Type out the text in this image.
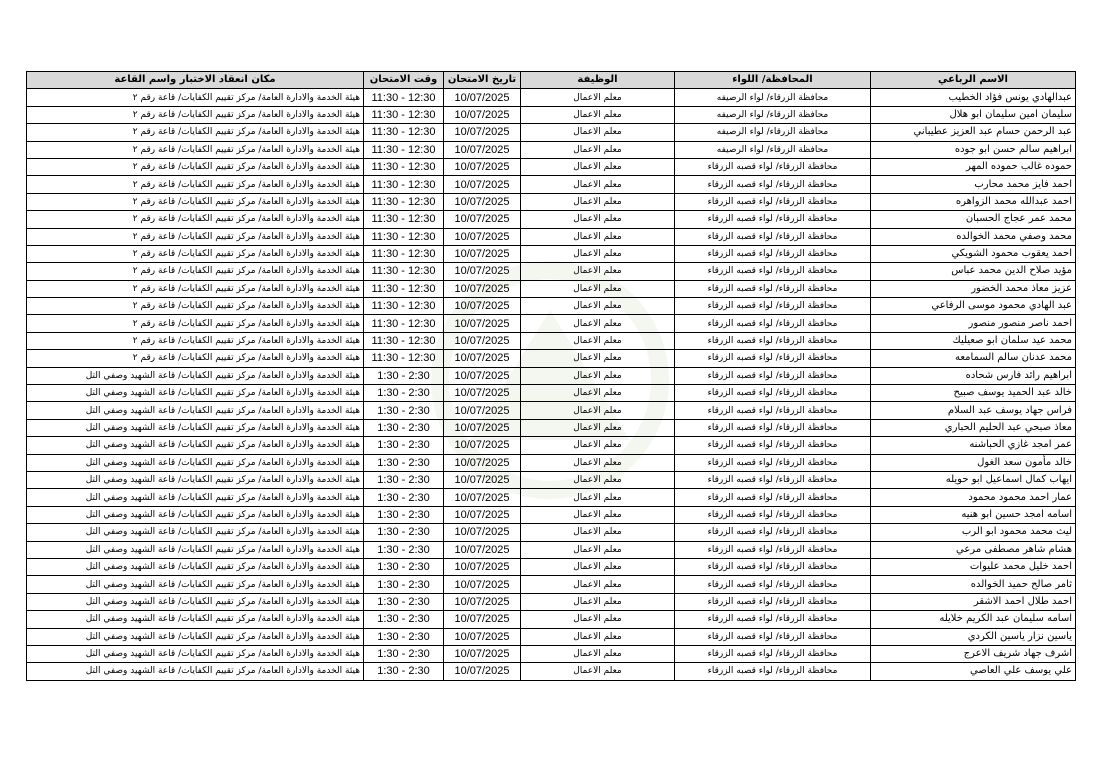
الاسم الرباعي	المحافظة/ اللواء	الوظيفة	تاريخ الامتحان	وقت الامتحان	مكان انعقاد الاختبار واسم القاعة
عبدالهادي يونس فؤاد الخطيب	محافظة الزرقاء/ لواء الرصيفه	معلم الاعمال	10/07/2025	11:30 - 12:30	هيئة الخدمة والادارة العامة/ مركز تقييم الكفايات/ قاعة رقم ٢
سليمان امين سليمان ابو هلال	محافظة الزرقاء/ لواء الرصيفه	معلم الاعمال	10/07/2025	11:30 - 12:30	هيئة الخدمة والادارة العامة/ مركز تقييم الكفايات/ قاعة رقم ٢
عبد الرحمن حسام عبد العزيز عطيباني	محافظة الزرقاء/ لواء الرصيفه	معلم الاعمال	10/07/2025	11:30 - 12:30	هيئة الخدمة والادارة العامة/ مركز تقييم الكفايات/ قاعة رقم ٢
ابراهيم سالم حسن ابو جوده	محافظة الزرقاء/ لواء الرصيفه	معلم الاعمال	10/07/2025	11:30 - 12:30	هيئة الخدمة والادارة العامة/ مركز تقييم الكفايات/ قاعة رقم ٢
حموده غالب حموده المهر	محافظة الزرقاء/ لواء قصبه الزرقاء	معلم الاعمال	10/07/2025	11:30 - 12:30	هيئة الخدمة والادارة العامة/ مركز تقييم الكفايات/ قاعة رقم ٢
احمد فايز محمد محارب	محافظة الزرقاء/ لواء قصبه الزرقاء	معلم الاعمال	10/07/2025	11:30 - 12:30	هيئة الخدمة والادارة العامة/ مركز تقييم الكفايات/ قاعة رقم ٢
احمد عبدالله محمد الزواهره	محافظة الزرقاء/ لواء قصبه الزرقاء	معلم الاعمال	10/07/2025	11:30 - 12:30	هيئة الخدمة والادارة العامة/ مركز تقييم الكفايات/ قاعة رقم ٢
محمد عمر عجاج الحسبان	محافظة الزرقاء/ لواء قصبه الزرقاء	معلم الاعمال	10/07/2025	11:30 - 12:30	هيئة الخدمة والادارة العامة/ مركز تقييم الكفايات/ قاعة رقم ٢
محمد وصفي محمد الخوالده	محافظة الزرقاء/ لواء قصبه الزرقاء	معلم الاعمال	10/07/2025	11:30 - 12:30	هيئة الخدمة والادارة العامة/ مركز تقييم الكفايات/ قاعة رقم ٢
احمد يعقوب محمود الشويكي	محافظة الزرقاء/ لواء قصبه الزرقاء	معلم الاعمال	10/07/2025	11:30 - 12:30	هيئة الخدمة والادارة العامة/ مركز تقييم الكفايات/ قاعة رقم ٢
مؤيد صلاح الدين محمد عباس	محافظة الزرقاء/ لواء قصبه الزرقاء	معلم الاعمال	10/07/2025	11:30 - 12:30	هيئة الخدمة والادارة العامة/ مركز تقييم الكفايات/ قاعة رقم ٢
عزيز معاذ محمد الخضور	محافظة الزرقاء/ لواء قصبه الزرقاء	معلم الاعمال	10/07/2025	11:30 - 12:30	هيئة الخدمة والادارة العامة/ مركز تقييم الكفايات/ قاعة رقم ٢
عبد الهادي محمود موسى الرفاعي	محافظة الزرقاء/ لواء قصبه الزرقاء	معلم الاعمال	10/07/2025	11:30 - 12:30	هيئة الخدمة والادارة العامة/ مركز تقييم الكفايات/ قاعة رقم ٢
احمد ناصر منصور منصور	محافظة الزرقاء/ لواء قصبه الزرقاء	معلم الاعمال	10/07/2025	11:30 - 12:30	هيئة الخدمة والادارة العامة/ مركز تقييم الكفايات/ قاعة رقم ٢
محمد عيد سلمان ابو صعيليك	محافظة الزرقاء/ لواء قصبه الزرقاء	معلم الاعمال	10/07/2025	11:30 - 12:30	هيئة الخدمة والادارة العامة/ مركز تقييم الكفايات/ قاعة رقم ٢
محمد عدنان سالم السمامعه	محافظة الزرقاء/ لواء قصبه الزرقاء	معلم الاعمال	10/07/2025	11:30 - 12:30	هيئة الخدمة والادارة العامة/ مركز تقييم الكفايات/ قاعة رقم ٢
ابراهيم رائد فارس شحاده	محافظة الزرقاء/ لواء قصبه الزرقاء	معلم الاعمال	10/07/2025	1:30 - 2:30	هيئة الخدمة والادارة العامة/ مركز تقييم الكفايات/ قاعة الشهيد وصفي التل
خالد عبد الحميد يوسف صبيح	محافظة الزرقاء/ لواء قصبه الزرقاء	معلم الاعمال	10/07/2025	1:30 - 2:30	هيئة الخدمة والادارة العامة/ مركز تقييم الكفايات/ قاعة الشهيد وصفي التل
فراس جهاد يوسف عبد السلام	محافظة الزرقاء/ لواء قصبه الزرقاء	معلم الاعمال	10/07/2025	1:30 - 2:30	هيئة الخدمة والادارة العامة/ مركز تقييم الكفايات/ قاعة الشهيد وصفي التل
معاذ صبحي عبد الحليم الحباري	محافظة الزرقاء/ لواء قصبه الزرقاء	معلم الاعمال	10/07/2025	1:30 - 2:30	هيئة الخدمة والادارة العامة/ مركز تقييم الكفايات/ قاعة الشهيد وصفي التل
عمر امجد غازي الحباشنه	محافظة الزرقاء/ لواء قصبه الزرقاء	معلم الاعمال	10/07/2025	1:30 - 2:30	هيئة الخدمة والادارة العامة/ مركز تقييم الكفايات/ قاعة الشهيد وصفي التل
خالد مأمون سعد الغول	محافظة الزرقاء/ لواء قصبه الزرقاء	معلم الاعمال	10/07/2025	1:30 - 2:30	هيئة الخدمة والادارة العامة/ مركز تقييم الكفايات/ قاعة الشهيد وصفي التل
ايهاب كمال اسماعيل ابو حويله	محافظة الزرقاء/ لواء قصبه الزرقاء	معلم الاعمال	10/07/2025	1:30 - 2:30	هيئة الخدمة والادارة العامة/ مركز تقييم الكفايات/ قاعة الشهيد وصفي التل
عمار احمد محمود محمود	محافظة الزرقاء/ لواء قصبه الزرقاء	معلم الاعمال	10/07/2025	1:30 - 2:30	هيئة الخدمة والادارة العامة/ مركز تقييم الكفايات/ قاعة الشهيد وصفي التل
اسامه امجد حسين ابو هنيه	محافظة الزرقاء/ لواء قصبه الزرقاء	معلم الاعمال	10/07/2025	1:30 - 2:30	هيئة الخدمة والادارة العامة/ مركز تقييم الكفايات/ قاعة الشهيد وصفي التل
ليث محمد محمود ابو الرب	محافظة الزرقاء/ لواء قصبه الزرقاء	معلم الاعمال	10/07/2025	1:30 - 2:30	هيئة الخدمة والادارة العامة/ مركز تقييم الكفايات/ قاعة الشهيد وصفي التل
هشام شاهر مصطفى مرعي	محافظة الزرقاء/ لواء قصبه الزرقاء	معلم الاعمال	10/07/2025	1:30 - 2:30	هيئة الخدمة والادارة العامة/ مركز تقييم الكفايات/ قاعة الشهيد وصفي التل
احمد خليل محمد عليوات	محافظة الزرقاء/ لواء قصبه الزرقاء	معلم الاعمال	10/07/2025	1:30 - 2:30	هيئة الخدمة والادارة العامة/ مركز تقييم الكفايات/ قاعة الشهيد وصفي التل
ثامر صالح حميد الخوالده	محافظة الزرقاء/ لواء قصبه الزرقاء	معلم الاعمال	10/07/2025	1:30 - 2:30	هيئة الخدمة والادارة العامة/ مركز تقييم الكفايات/ قاعة الشهيد وصفي التل
احمد طلال احمد الاشقر	محافظة الزرقاء/ لواء قصبه الزرقاء	معلم الاعمال	10/07/2025	1:30 - 2:30	هيئة الخدمة والادارة العامة/ مركز تقييم الكفايات/ قاعة الشهيد وصفي التل
اسامه سليمان عبد الكريم خلايله	محافظة الزرقاء/ لواء قصبه الزرقاء	معلم الاعمال	10/07/2025	1:30 - 2:30	هيئة الخدمة والادارة العامة/ مركز تقييم الكفايات/ قاعة الشهيد وصفي التل
ياسين نزار ياسين الكردي	محافظة الزرقاء/ لواء قصبه الزرقاء	معلم الاعمال	10/07/2025	1:30 - 2:30	هيئة الخدمة والادارة العامة/ مركز تقييم الكفايات/ قاعة الشهيد وصفي التل
اشرف جهاد شريف الاعرج	محافظة الزرقاء/ لواء قصبه الزرقاء	معلم الاعمال	10/07/2025	1:30 - 2:30	هيئة الخدمة والادارة العامة/ مركز تقييم الكفايات/ قاعة الشهيد وصفي التل
علي يوسف علي العاصي	محافظة الزرقاء/ لواء قصبه الزرقاء	معلم الاعمال	10/07/2025	1:30 - 2:30	هيئة الخدمة والادارة العامة/ مركز تقييم الكفايات/ قاعة الشهيد وصفي التل
